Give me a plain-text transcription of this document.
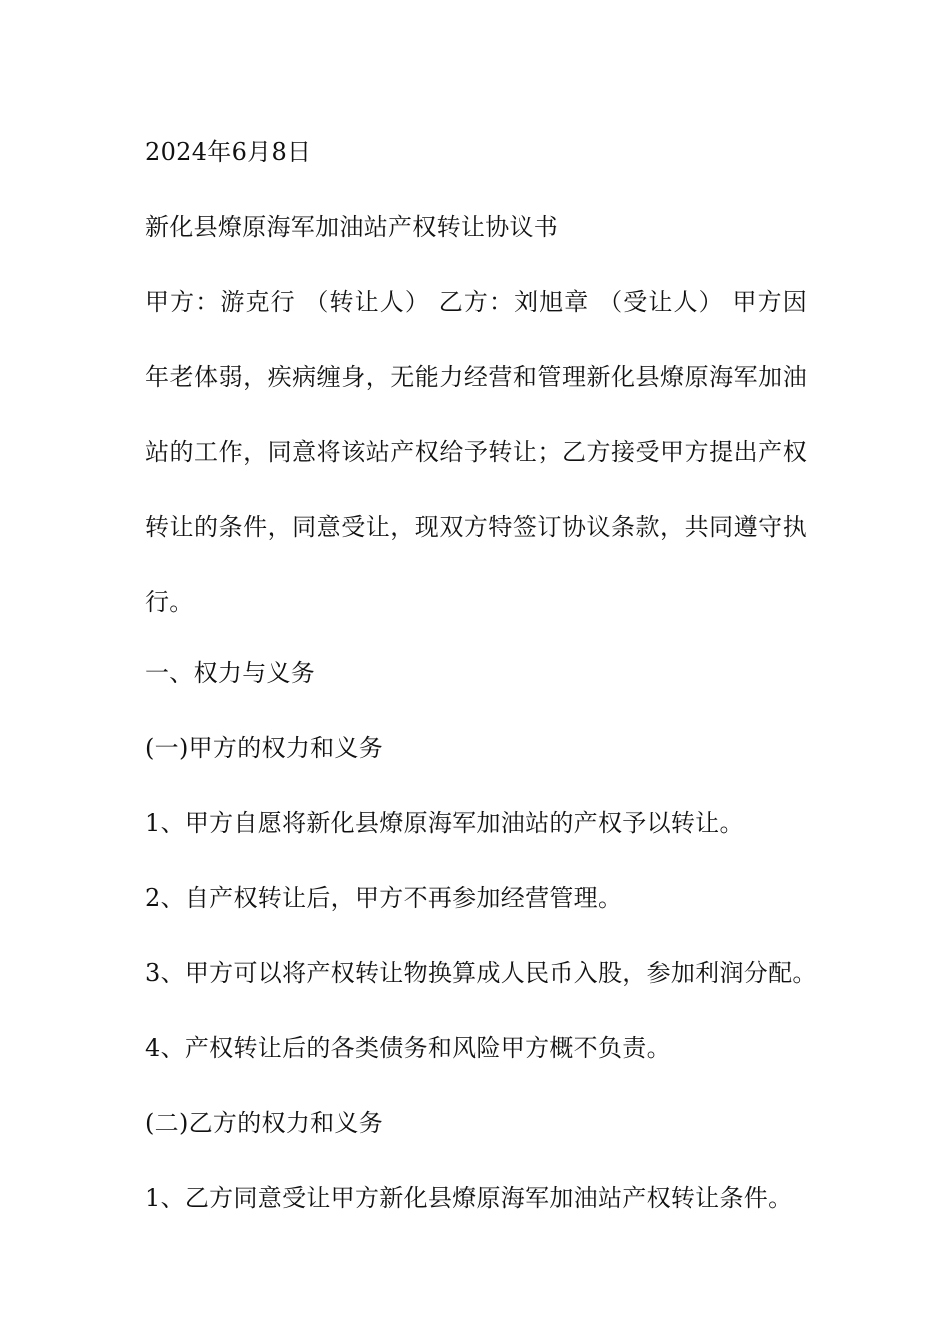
2024年6月8日
新化县燎原海军加油站产权转让协议书

甲方：游克行 （转让人） 乙方：刘旭章 （受让人） 甲方因年老体弱，疾病缠身，无能力经营和管理新化县燎原海军加油站的工作，同意将该站产权给予转让；乙方接受甲方提出产权转让的条件，同意受让，现双方特签订协议条款，共同遵守执行。

一、权力与义务
(一)甲方的权力和义务
1、甲方自愿将新化县燎原海军加油站的产权予以转让。
2、自产权转让后，甲方不再参加经营管理。
3、甲方可以将产权转让物换算成人民币入股，参加利润分配。
4、产权转让后的各类债务和风险甲方概不负责。
(二)乙方的权力和义务
1、乙方同意受让甲方新化县燎原海军加油站产权转让条件。
